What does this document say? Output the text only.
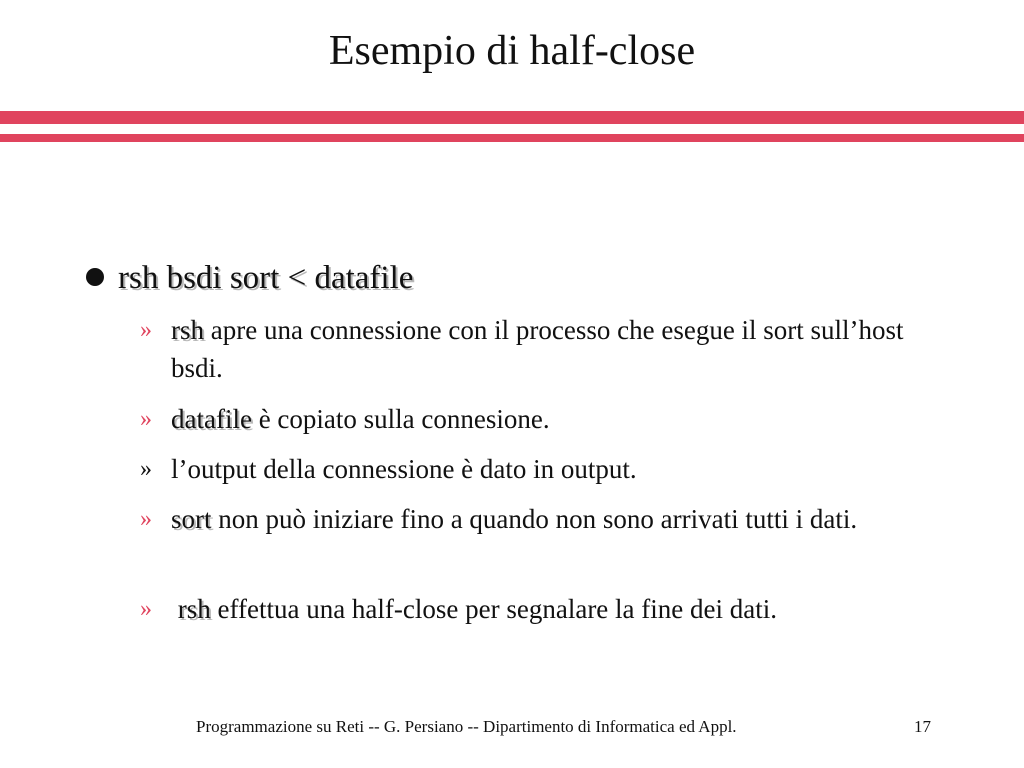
Esempio di half-close
rsh bsdi sort < datafile
» rsh apre una connessione con il processo che esegue il sort sull’host bsdi.
» datafile è copiato sulla connesione.
» l’output della connessione è dato in output.
» sort non può iniziare fino a quando non sono arrivati tutti i dati.
» rsh effettua una half-close per segnalare la fine dei dati.
Programmazione su Reti -- G. Persiano -- Dipartimento di Informatica ed Appl.	17
